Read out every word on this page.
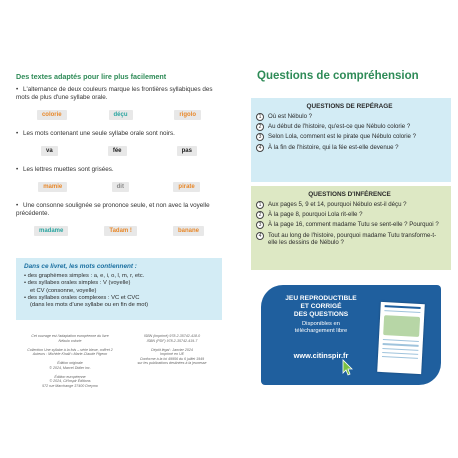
Des textes adaptés pour lire plus facilement
• L'alternance de deux couleurs marque les frontières syllabiques des mots de plus d'une syllabe orale.
colorie	déçu	rigolo
• Les mots contenant une seule syllabe orale sont noirs.
va	fée	pas
• Les lettres muettes sont grisées.
mamie	dit	pirate
• Une consonne soulignée se prononce seule, et non avec la voyelle précédente.
madame	Tadam !	banane
Dans ce livret, les mots contiennent :
• des graphèmes simples : a, e, i, o, l, m, r, etc.
• des syllabes orales simples : V (voyelle)
et CV (consonne, voyelle)
• des syllabes orales complexes : VC et CVC
(dans les mots d'une syllabe ou en fin de mot)
Cet ouvrage est l'adaptation européenne du livre
Nébulo colorie

Collection Une syllabe à la fois – série bleue, coffret 2
Auteurs : Michèle Khalil • Marie-Claude Pigeon

Édition originale
© 2024, Marcel Didier inc.

Édition européenne
© 2024, Cit'inspir Éditions
572 rue Marchange 37400 Dreymo
ISBN (imprimé) 978-2-35742-418-0
ISBN (PDF) 978-2-35742-419-7

Dépôt légal : Janvier 2024
Imprimé en UE
Conforme à la loi 49956 du 6 juillet 1949
sur les publications destinées à la jeunesse
Questions de compréhension
QUESTIONS DE REPÉRAGE
1	Où est Nébulo ?
2	Au début de l'histoire, qu'est-ce que Nébulo colorie ?
3	Selon Lola, comment est le pirate que Nébulo colorie ?
4	À la fin de l'histoire, qui la fée est-elle devenue ?
QUESTIONS D'INFÉRENCE
1	Aux pages 5, 9 et 14, pourquoi Nébulo est-il déçu ?
2	À la page 8, pourquoi Lola rit-elle ?
3	À la page 16, comment madame Tutu se sent-elle ? Pourquoi ?
4	Tout au long de l'histoire, pourquoi madame Tutu transforme-t-elle les dessins de Nébulo ?
JEU REPRODUCTIBLE
ET CORRIGÉ
DES QUESTIONS
Disponibles en
téléchargement libre
www.citinspir.fr
